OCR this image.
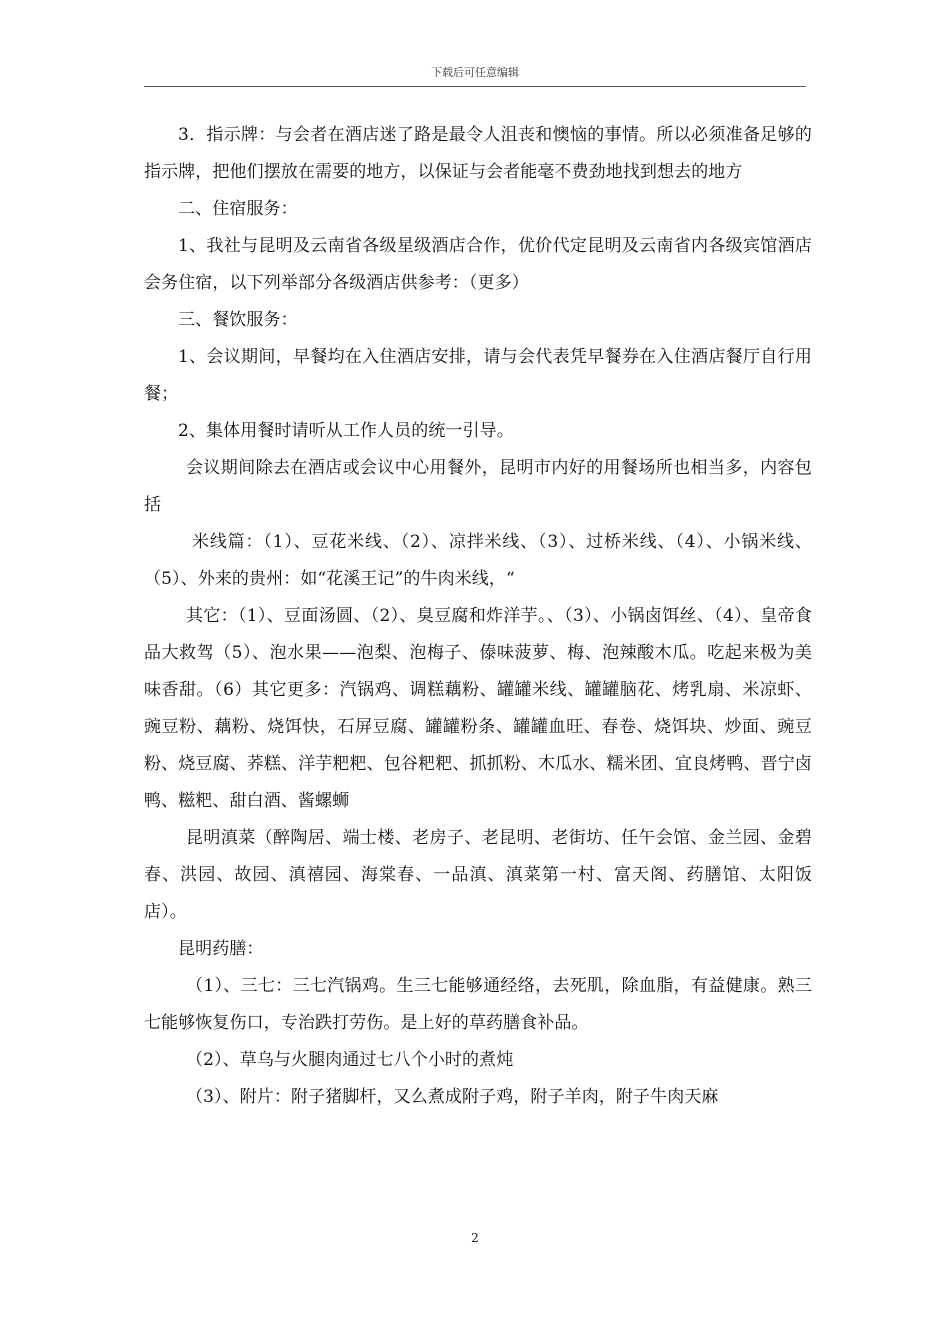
下载后可任意编辑

3．指示牌：与会者在酒店迷了路是最令人沮丧和懊恼的事情。所以必须准备足够的指示牌，把他们摆放在需要的地方，以保证与会者能毫不费劲地找到想去的地方

二、住宿服务：

1、我社与昆明及云南省各级星级酒店合作，优价代定昆明及云南省内各级宾馆酒店会务住宿，以下列举部分各级酒店供参考：（更多）

三、餐饮服务：

1、会议期间，早餐均在入住酒店安排，请与会代表凭早餐券在入住酒店餐厅自行用餐；

2、集体用餐时请听从工作人员的统一引导。

会议期间除去在酒店或会议中心用餐外，昆明市内好的用餐场所也相当多，内容包括

米线篇：（1）、豆花米线、（2）、凉拌米线、（3）、过桥米线、（4）、小锅米线、（5）、外来的贵州：如“花溪王记”的牛肉米线，“

其它：（1）、豆面汤圆、（2）、臭豆腐和炸洋芋。、（3）、小锅卤饵丝、（4）、皇帝食品大救驾（5）、泡水果——泡梨、泡梅子、傣味菠萝、梅、泡辣酸木瓜。吃起来极为美味香甜。（6）其它更多：汽锅鸡、调糕藕粉、罐罐米线、罐罐脑花、烤乳扇、米凉虾、豌豆粉、藕粉、烧饵快，石屏豆腐、罐罐粉条、罐罐血旺、春卷、烧饵块、炒面、豌豆粉、烧豆腐、荞糕、洋芋粑粑、包谷粑粑、抓抓粉、木瓜水、糯米团、宜良烤鸭、晋宁卤鸭、糍粑、甜白酒、酱螺蛳

昆明滇菜（醉陶居、端士楼、老房子、老昆明、老街坊、任午会馆、金兰园、金碧春、洪园、故园、滇禧园、海棠春、一品滇、滇菜第一村、富天阁、药膳馆、太阳饭店）。

昆明药膳：

（1）、三七：三七汽锅鸡。生三七能够通经络，去死肌，除血脂，有益健康。熟三七能够恢复伤口，专治跌打劳伤。是上好的草药膳食补品。

（2）、草乌与火腿肉通过七八个小时的煮炖

（3）、附片：附子猪脚杆，又么煮成附子鸡，附子羊肉，附子牛肉天麻

2
